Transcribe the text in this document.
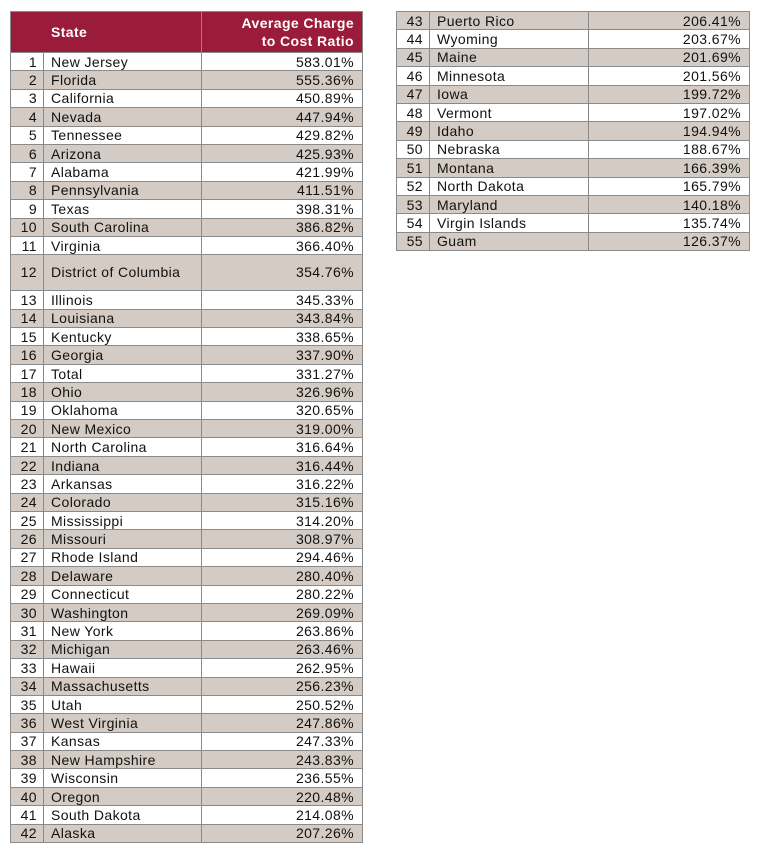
State		Average Charge
to Cost Ratio
1	New Jersey	583.01%
2	Florida	555.36%
3	California	450.89%
4	Nevada	447.94%
5	Tennessee	429.82%
6	Arizona	425.93%
7	Alabama	421.99%
8	Pennsylvania	411.51%
9	Texas	398.31%
10	South Carolina	386.82%
11	Virginia	366.40%
12	District of Columbia	354.76%
13	Illinois	345.33%
14	Louisiana	343.84%
15	Kentucky	338.65%
16	Georgia	337.90%
17	Total	331.27%
18	Ohio	326.96%
19	Oklahoma	320.65%
20	New Mexico	319.00%
21	North Carolina	316.64%
22	Indiana	316.44%
23	Arkansas	316.22%
24	Colorado	315.16%
25	Mississippi	314.20%
26	Missouri	308.97%
27	Rhode Island	294.46%
28	Delaware	280.40%
29	Connecticut	280.22%
30	Washington	269.09%
31	New York	263.86%
32	Michigan	263.46%
33	Hawaii	262.95%
34	Massachusetts	256.23%
35	Utah	250.52%
36	West Virginia	247.86%
37	Kansas	247.33%
38	New Hampshire	243.83%
39	Wisconsin	236.55%
40	Oregon	220.48%
41	South Dakota	214.08%
42	Alaska	207.26%
43	Puerto Rico	206.41%
44	Wyoming	203.67%
45	Maine	201.69%
46	Minnesota	201.56%
47	Iowa	199.72%
48	Vermont	197.02%
49	Idaho	194.94%
50	Nebraska	188.67%
51	Montana	166.39%
52	North Dakota	165.79%
53	Maryland	140.18%
54	Virgin Islands	135.74%
55	Guam	126.37%
